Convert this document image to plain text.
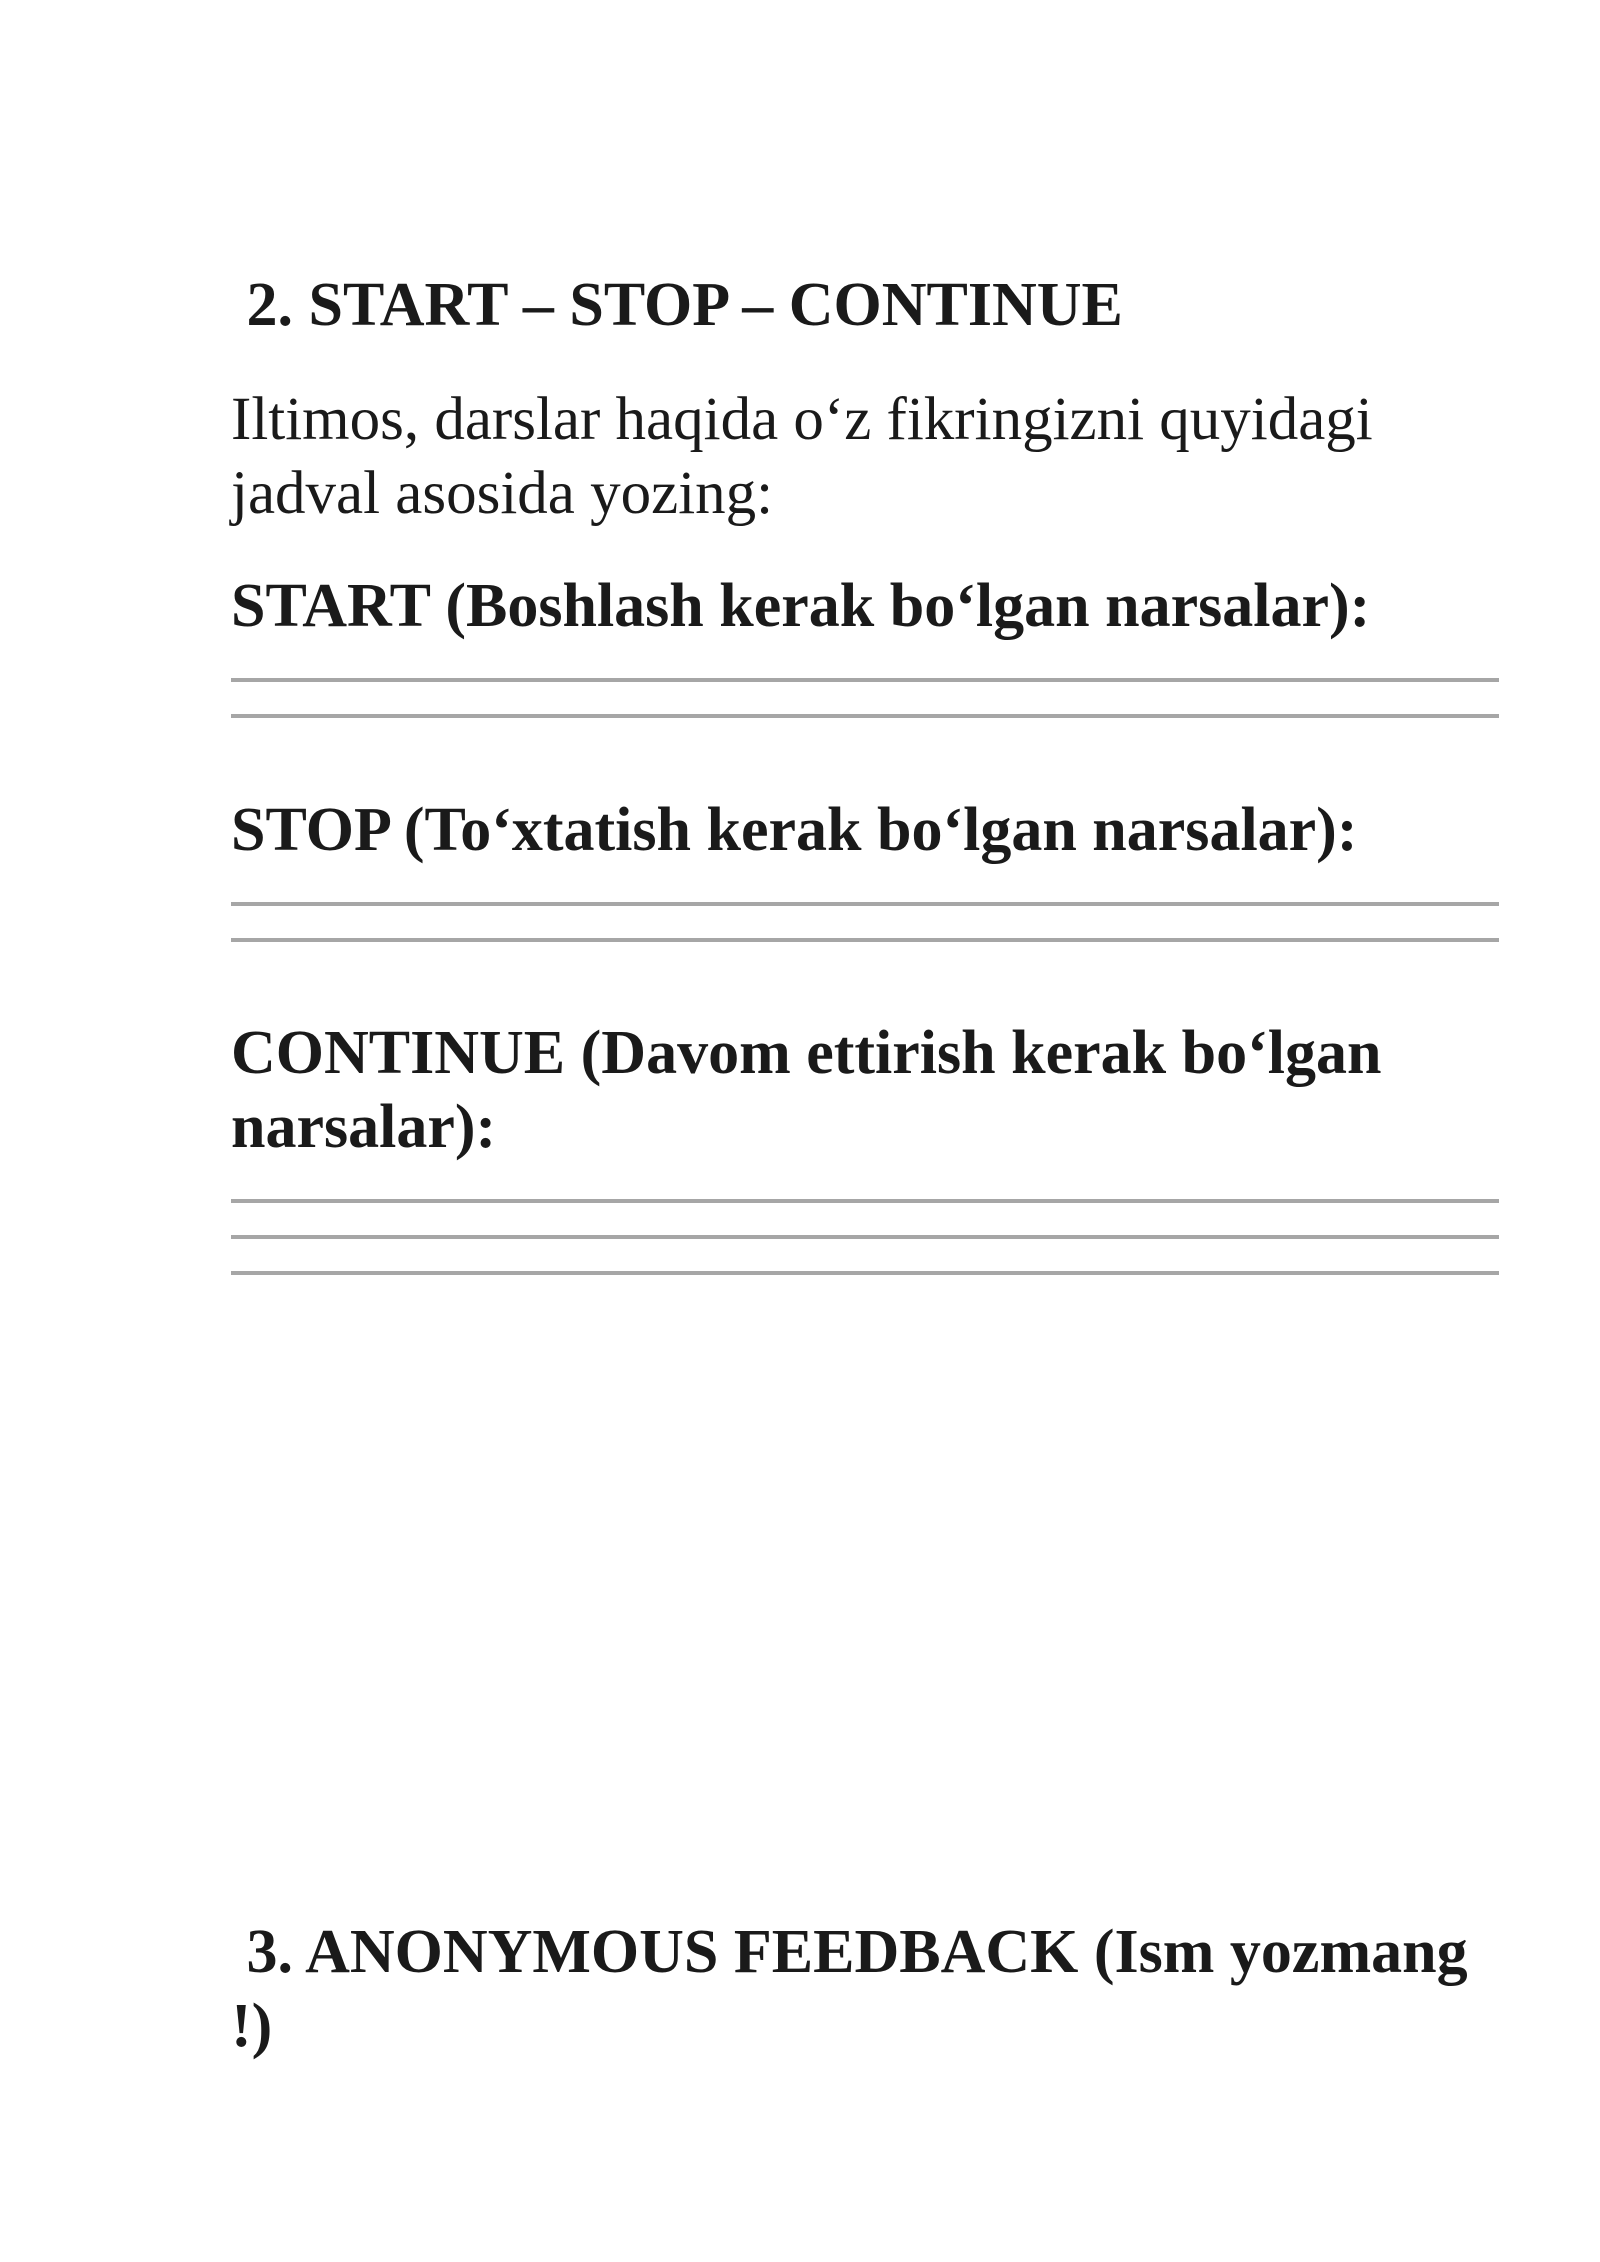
2. START – STOP – CONTINUE

Iltimos, darslar haqida o‘z fikringizni quyidagi jadval asosida yozing:

START (Boshlash kerak bo‘lgan narsalar):

STOP (To‘xtatish kerak bo‘lgan narsalar):

CONTINUE (Davom ettirish kerak bo‘lgan narsalar):

3. ANONYMOUS FEEDBACK (Ism yozmang !)
